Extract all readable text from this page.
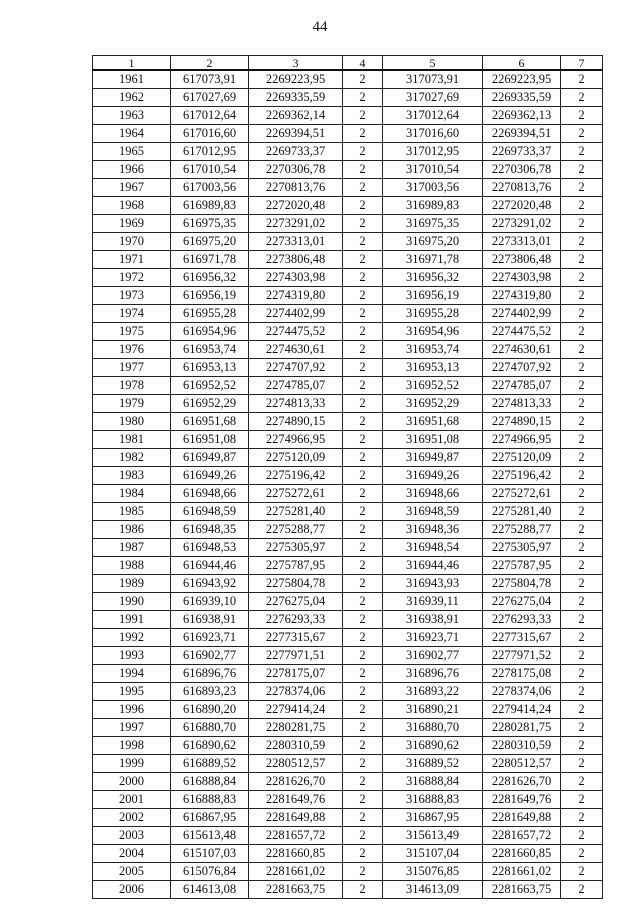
44
1	2	3	4	5	6	7
1961	617073,91	2269223,95	2	317073,91	2269223,95	2
1962	617027,69	2269335,59	2	317027,69	2269335,59	2
1963	617012,64	2269362,14	2	317012,64	2269362,13	2
1964	617016,60	2269394,51	2	317016,60	2269394,51	2
1965	617012,95	2269733,37	2	317012,95	2269733,37	2
1966	617010,54	2270306,78	2	317010,54	2270306,78	2
1967	617003,56	2270813,76	2	317003,56	2270813,76	2
1968	616989,83	2272020,48	2	316989,83	2272020,48	2
1969	616975,35	2273291,02	2	316975,35	2273291,02	2
1970	616975,20	2273313,01	2	316975,20	2273313,01	2
1971	616971,78	2273806,48	2	316971,78	2273806,48	2
1972	616956,32	2274303,98	2	316956,32	2274303,98	2
1973	616956,19	2274319,80	2	316956,19	2274319,80	2
1974	616955,28	2274402,99	2	316955,28	2274402,99	2
1975	616954,96	2274475,52	2	316954,96	2274475,52	2
1976	616953,74	2274630,61	2	316953,74	2274630,61	2
1977	616953,13	2274707,92	2	316953,13	2274707,92	2
1978	616952,52	2274785,07	2	316952,52	2274785,07	2
1979	616952,29	2274813,33	2	316952,29	2274813,33	2
1980	616951,68	2274890,15	2	316951,68	2274890,15	2
1981	616951,08	2274966,95	2	316951,08	2274966,95	2
1982	616949,87	2275120,09	2	316949,87	2275120,09	2
1983	616949,26	2275196,42	2	316949,26	2275196,42	2
1984	616948,66	2275272,61	2	316948,66	2275272,61	2
1985	616948,59	2275281,40	2	316948,59	2275281,40	2
1986	616948,35	2275288,77	2	316948,36	2275288,77	2
1987	616948,53	2275305,97	2	316948,54	2275305,97	2
1988	616944,46	2275787,95	2	316944,46	2275787,95	2
1989	616943,92	2275804,78	2	316943,93	2275804,78	2
1990	616939,10	2276275,04	2	316939,11	2276275,04	2
1991	616938,91	2276293,33	2	316938,91	2276293,33	2
1992	616923,71	2277315,67	2	316923,71	2277315,67	2
1993	616902,77	2277971,51	2	316902,77	2277971,52	2
1994	616896,76	2278175,07	2	316896,76	2278175,08	2
1995	616893,23	2278374,06	2	316893,22	2278374,06	2
1996	616890,20	2279414,24	2	316890,21	2279414,24	2
1997	616880,70	2280281,75	2	316880,70	2280281,75	2
1998	616890,62	2280310,59	2	316890,62	2280310,59	2
1999	616889,52	2280512,57	2	316889,52	2280512,57	2
2000	616888,84	2281626,70	2	316888,84	2281626,70	2
2001	616888,83	2281649,76	2	316888,83	2281649,76	2
2002	616867,95	2281649,88	2	316867,95	2281649,88	2
2003	615613,48	2281657,72	2	315613,49	2281657,72	2
2004	615107,03	2281660,85	2	315107,04	2281660,85	2
2005	615076,84	2281661,02	2	315076,85	2281661,02	2
2006	614613,08	2281663,75	2	314613,09	2281663,75	2
